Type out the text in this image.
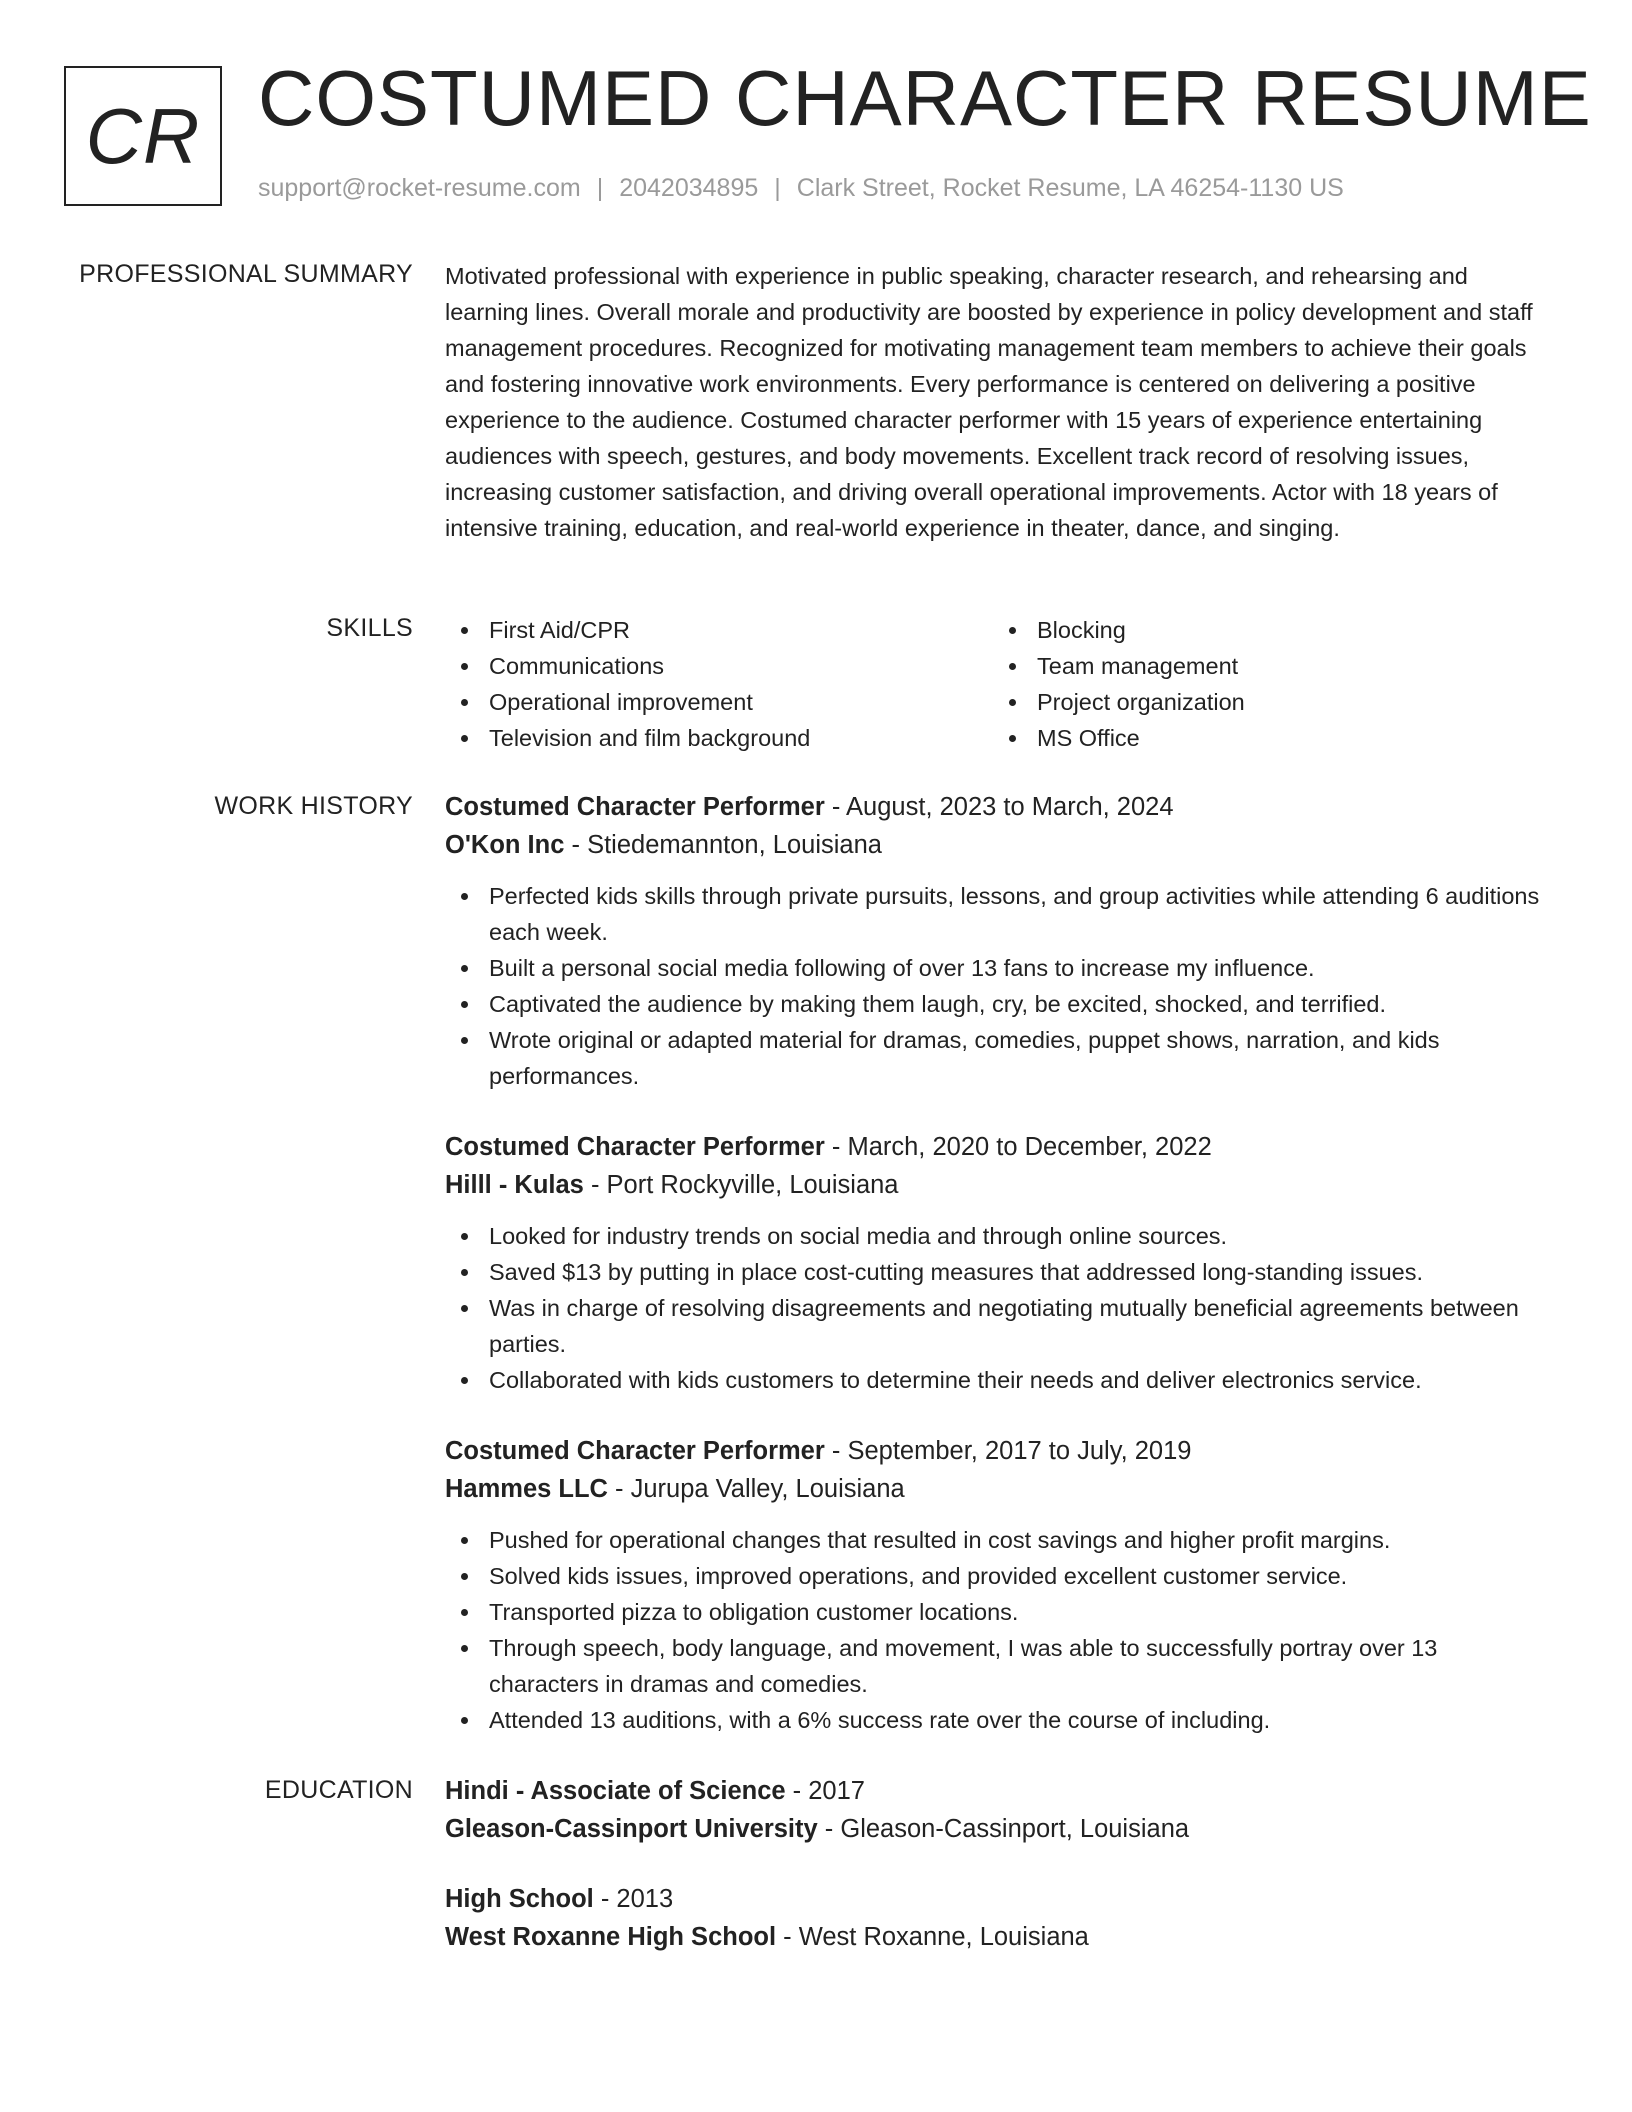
CR COSTUMED CHARACTER RESUME
support@rocket-resume.com | 2042034895 | Clark Street, Rocket Resume, LA 46254-1130 US
PROFESSIONAL SUMMARY Motivated professional with experience in public speaking, character research, and rehearsing and learning lines. Overall morale and productivity are boosted by experience in policy development and staff management procedures. Recognized for motivating management team members to achieve their goals and fostering innovative work environments. Every performance is centered on delivering a positive experience to the audience. Costumed character performer with 15 years of experience entertaining audiences with speech, gestures, and body movements. Excellent track record of resolving issues, increasing customer satisfaction, and driving overall operational improvements. Actor with 18 years of intensive training, education, and real-world experience in theater, dance, and singing.

SKILLS	First Aid/CPR
Communications
Operational improvement
Television and film background
Blocking
Team management
Project organization
MS Office
WORK HISTORY Costumed Character Performer - August, 2023 to March, 2024
O'Kon Inc - Stiedemannton, Louisiana
Perfected kids skills through private pursuits, lessons, and group activities while attending 6 auditions each week.
Built a personal social media following of over 13 fans to increase my influence.
Captivated the audience by making them laugh, cry, be excited, shocked, and terrified.
Wrote original or adapted material for dramas, comedies, puppet shows, narration, and kids performances.
Costumed Character Performer - March, 2020 to December, 2022
Hilll - Kulas - Port Rockyville, Louisiana
Looked for industry trends on social media and through online sources.
Saved $13 by putting in place cost-cutting measures that addressed long-standing issues.
Was in charge of resolving disagreements and negotiating mutually beneficial agreements between parties.
Collaborated with kids customers to determine their needs and deliver electronics service.
Costumed Character Performer - September, 2017 to July, 2019
Hammes LLC - Jurupa Valley, Louisiana
Pushed for operational changes that resulted in cost savings and higher profit margins.
Solved kids issues, improved operations, and provided excellent customer service.
Transported pizza to obligation customer locations.
Through speech, body language, and movement, I was able to successfully portray over 13 characters in dramas and comedies.
Attended 13 auditions, with a 6% success rate over the course of including.
EDUCATION Hindi - Associate of Science - 2017
Gleason-Cassinport University - Gleason-Cassinport, Louisiana
High School - 2013
West Roxanne High School - West Roxanne, Louisiana
